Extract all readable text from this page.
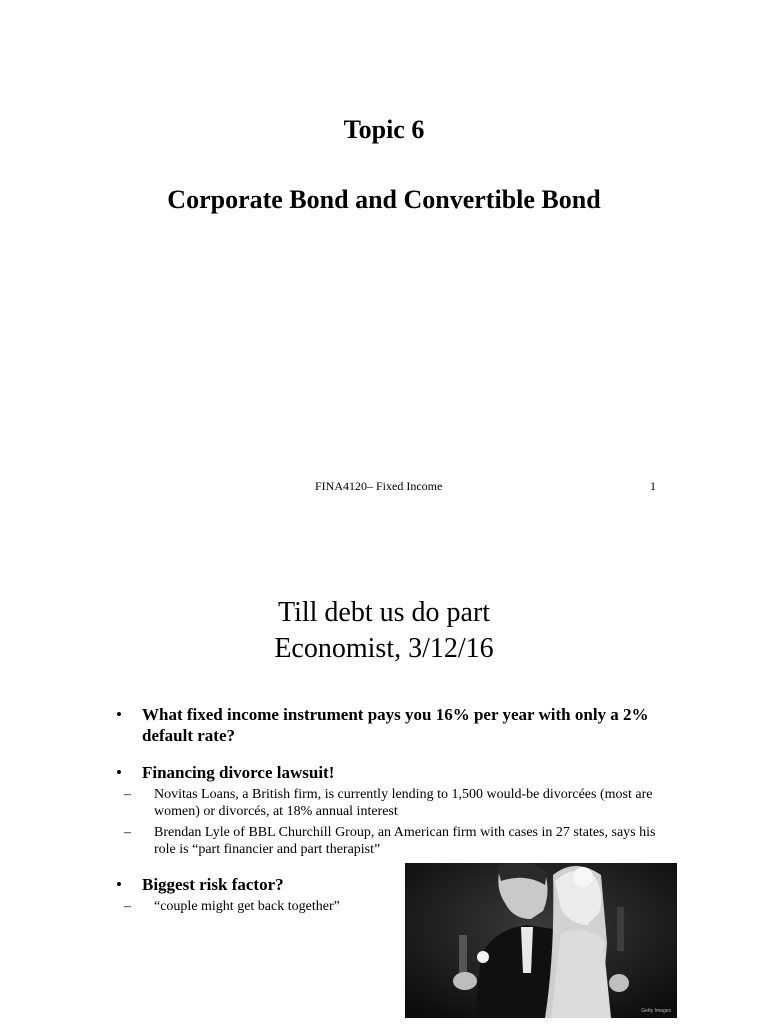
Topic 6
Corporate Bond and Convertible Bond
FINA4120– Fixed Income	1
Till debt us do part
Economist, 3/12/16
• What fixed income instrument pays you 16% per year with only a 2% default rate?
• Financing divorce lawsuit!
– Novitas Loans, a British firm, is currently lending to 1,500 would-be divorcées (most are women) or divorcés, at 18% annual interest
– Brendan Lyle of BBL Churchill Group, an American firm with cases in 27 states, says his role is “part financier and part therapist”
• Biggest risk factor?
– “couple might get back together”
Getty Images
